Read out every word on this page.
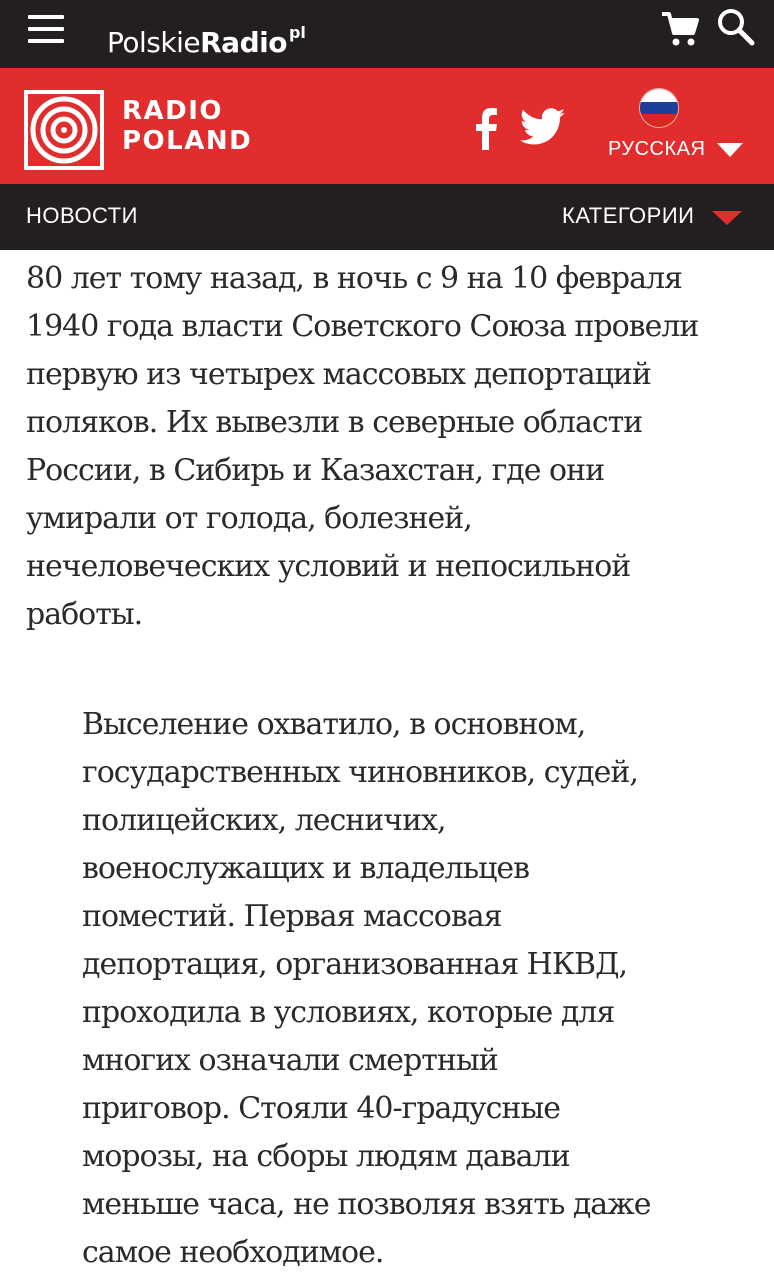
PolskieRadio $^{pl}$
RADIO
POLAND	РУССКАЯ
НОВОСТИ	КАТЕГОРИИ
80 лет тому назад, в ночь с 9 на 10 февраля
1940 года власти Советского Союза провели
первую из четырех массовых депортаций
поляков. Их вывезли в северные области
России, в Сибирь и Казахстан, где они
умирали от голода, болезней,
нечеловеческих условий и непосильной
работы.
Выселение охватило, в основном,
государственных чиновников, судей,
полицейских, лесничих,
военослужащих и владельцев
поместий. Первая массовая
депортация, организованная НКВД,
проходила в условиях, которые для
многих означали смертный
приговор. Стояли 40-градусные
морозы, на сборы людям давали
меньше часа, не позволяя взять даже
самое необходимое.
